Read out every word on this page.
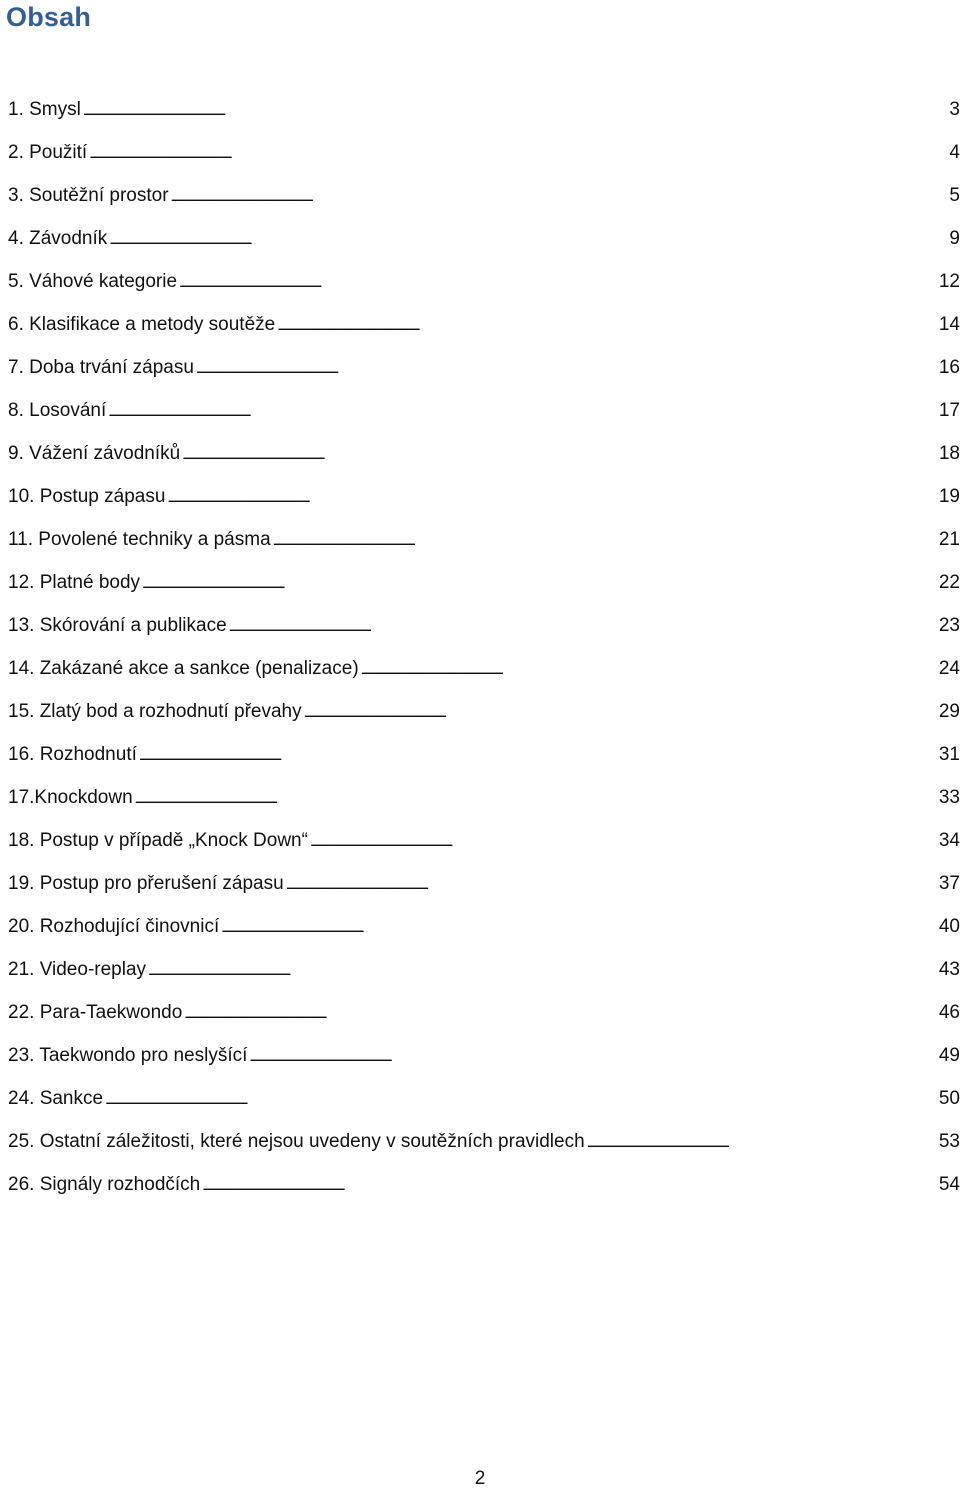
Obsah
1. Smysl . . .	3
2. Použití . . .	4
3. Soutěžní prostor . . .	5
4. Závodník . . .	9
5. Váhové kategorie . . .	12
6. Klasifikace a metody soutěže . . .	14
7. Doba trvání zápasu . . .	16
8. Losování . . .	17
9. Vážení závodníků . . .	18
10. Postup zápasu . . .	19
11. Povolené techniky a pásma . . .	21
12. Platné body . . .	22
13. Skórování a publikace . . .	23
14. Zakázané akce a sankce (penalizace) . . .	24
15. Zlatý bod a rozhodnutí převahy . . .	29
16. Rozhodnutí . . .	31
17.Knockdown . . .	33
18. Postup v případě „Knock Down“ . . .	34
19. Postup pro přerušení zápasu . . .	37
20. Rozhodující činovnicí . . .	40
21. Video-replay . . .	43
22. Para-Taekwondo . . .	46
23. Taekwondo pro neslyšící . . .	49
24. Sankce . . .	50
25. Ostatní záležitosti, které nejsou uvedeny v soutěžních pravidlech . . .	53
26. Signály rozhodčích . . .	54
2
